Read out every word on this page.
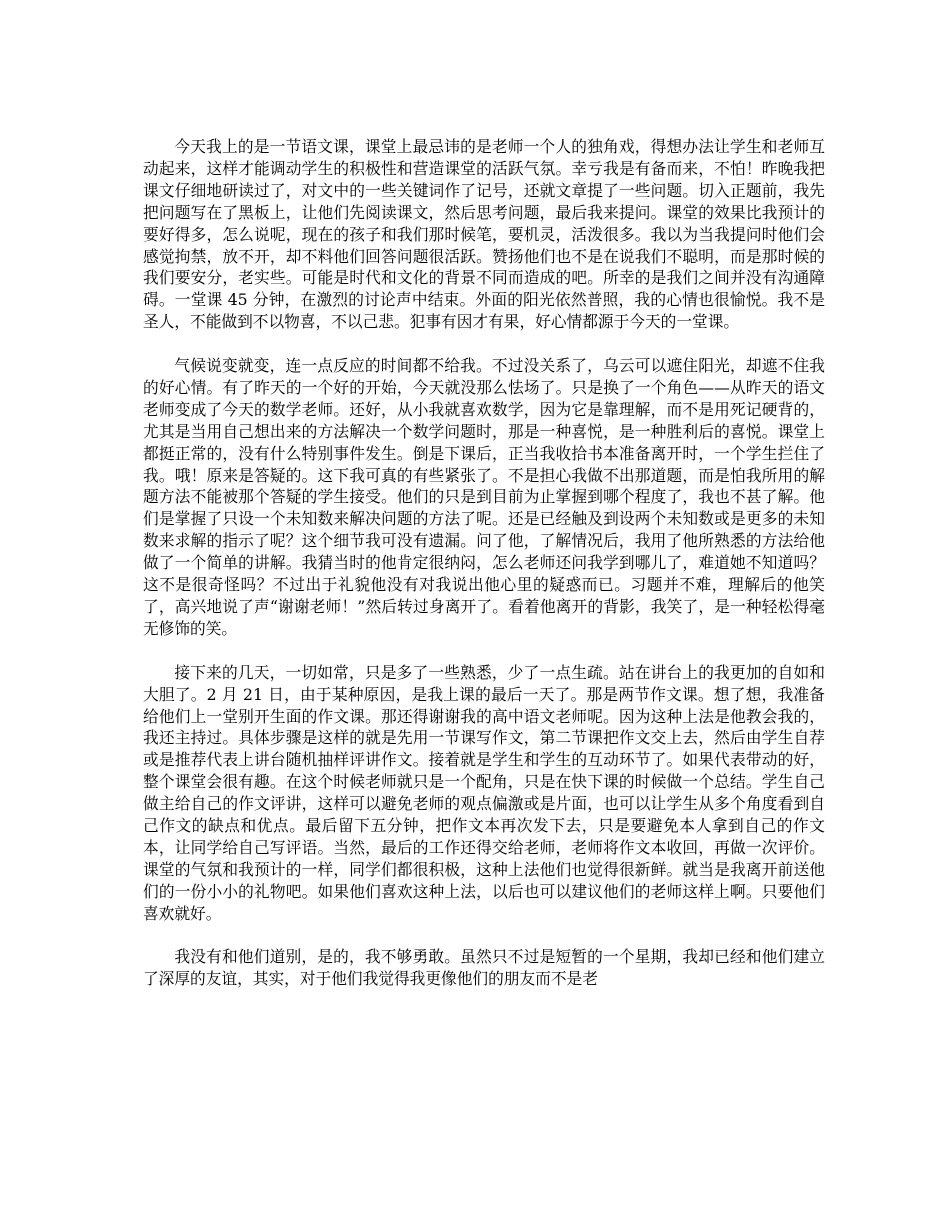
今天我上的是一节语文课，课堂上最忌讳的是老师一个人的独角戏，得想办法让学生和老师互动起来，这样才能调动学生的积极性和营造课堂的活跃气氛。幸亏我是有备而来，不怕！昨晚我把课文仔细地研读过了，对文中的一些关键词作了记号，还就文章提了一些问题。切入正题前，我先把问题写在了黑板上，让他们先阅读课文，然后思考问题，最后我来提问。课堂的效果比我预计的要好得多，怎么说呢，现在的孩子和我们那时候笔，要机灵，活泼很多。我以为当我提问时他们会感觉拘禁，放不开，却不料他们回答问题很活跃。赞扬他们也不是在说我们不聪明，而是那时候的我们要安分，老实些。可能是时代和文化的背景不同而造成的吧。所幸的是我们之间并没有沟通障碍。一堂课 45 分钟，在激烈的讨论声中结束。外面的阳光依然普照，我的心情也很愉悦。我不是圣人，不能做到不以物喜，不以己悲。犯事有因才有果，好心情都源于今天的一堂课。

气候说变就变，连一点反应的时间都不给我。不过没关系了，乌云可以遮住阳光，却遮不住我的好心情。有了昨天的一个好的开始，今天就没那么怯场了。只是换了一个角色——从昨天的语文老师变成了今天的数学老师。还好，从小我就喜欢数学，因为它是靠理解，而不是用死记硬背的，尤其是当用自己想出来的方法解决一个数学问题时，那是一种喜悦，是一种胜利后的喜悦。课堂上都挺正常的，没有什么特别事件发生。倒是下课后，正当我收拾书本准备离开时，一个学生拦住了我。哦！原来是答疑的。这下我可真的有些紧张了。不是担心我做不出那道题，而是怕我所用的解题方法不能被那个答疑的学生接受。他们的只是到目前为止掌握到哪个程度了，我也不甚了解。他们是掌握了只设一个未知数来解决问题的方法了呢。还是已经触及到设两个未知数或是更多的未知数来求解的指示了呢？这个细节我可没有遗漏。问了他，了解情况后，我用了他所熟悉的方法给他做了一个简单的讲解。我猜当时的他肯定很纳闷，怎么老师还问我学到哪儿了，难道她不知道吗？这不是很奇怪吗？不过出于礼貌他没有对我说出他心里的疑惑而已。习题并不难，理解后的他笑了，高兴地说了声“谢谢老师！”然后转过身离开了。看着他离开的背影，我笑了，是一种轻松得毫无修饰的笑。

接下来的几天，一切如常，只是多了一些熟悉，少了一点生疏。站在讲台上的我更加的自如和大胆了。2 月 21 日，由于某种原因，是我上课的最后一天了。那是两节作文课。想了想，我准备给他们上一堂别开生面的作文课。那还得谢谢我的高中语文老师呢。因为这种上法是他教会我的，我还主持过。具体步骤是这样的就是先用一节课写作文，第二节课把作文交上去，然后由学生自荐或是推荐代表上讲台随机抽样评讲作文。接着就是学生和学生的互动环节了。如果代表带动的好，整个课堂会很有趣。在这个时候老师就只是一个配角，只是在快下课的时候做一个总结。学生自己做主给自己的作文评讲，这样可以避免老师的观点偏激或是片面，也可以让学生从多个角度看到自己作文的缺点和优点。最后留下五分钟，把作文本再次发下去，只是要避免本人拿到自己的作文本，让同学给自己写评语。当然，最后的工作还得交给老师，老师将作文本收回，再做一次评价。课堂的气氛和我预计的一样，同学们都很积极，这种上法他们也觉得很新鲜。就当是我离开前送他们的一份小小的礼物吧。如果他们喜欢这种上法，以后也可以建议他们的老师这样上啊。只要他们喜欢就好。

我没有和他们道别，是的，我不够勇敢。虽然只不过是短暂的一个星期，我却已经和他们建立了深厚的友谊，其实，对于他们我觉得我更像他们的朋友而不是老
